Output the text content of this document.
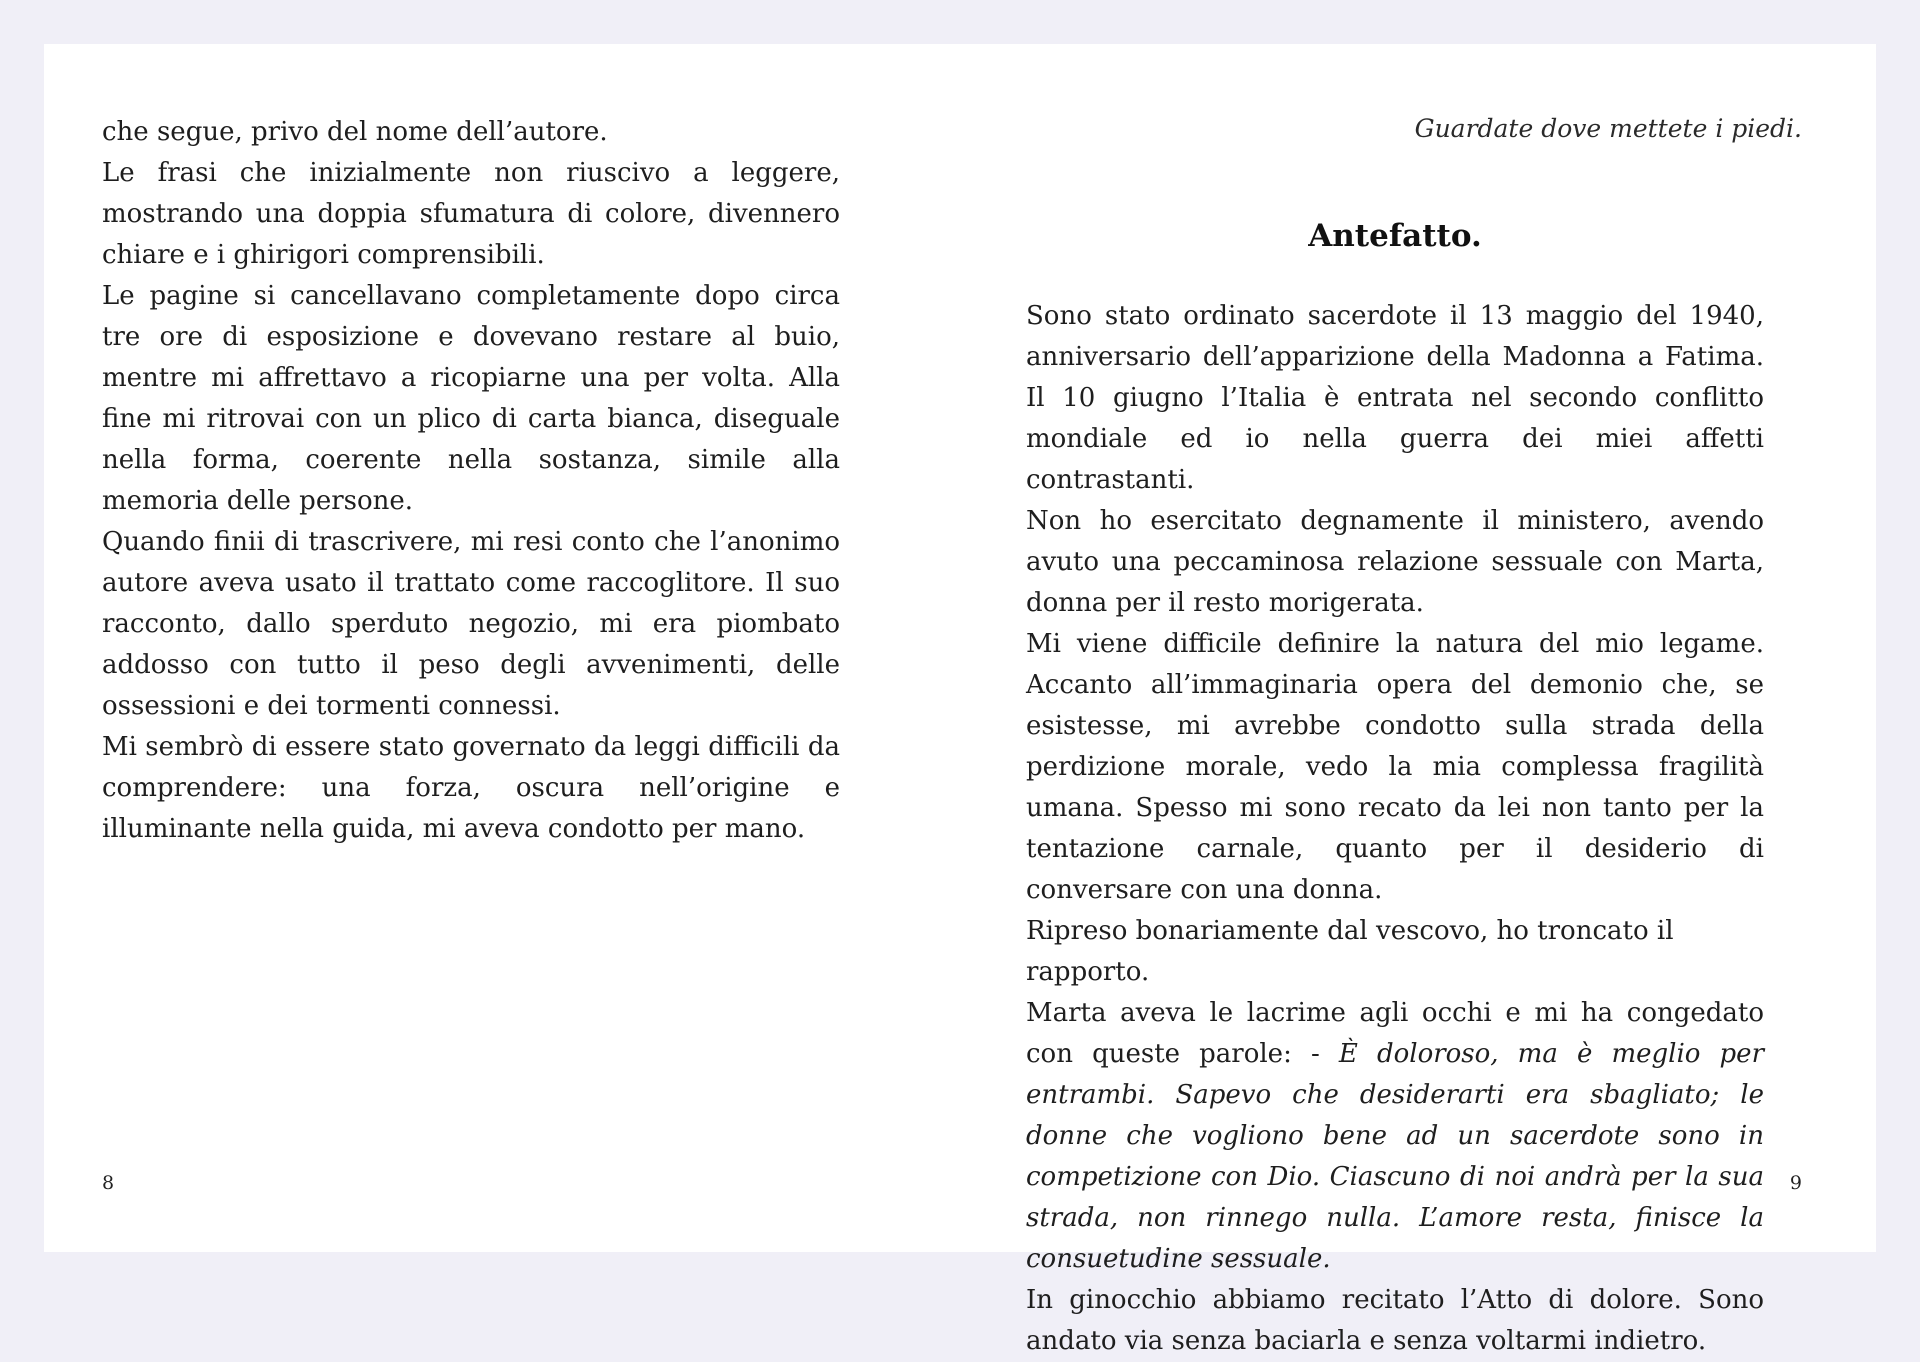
che segue, privo del nome dell’autore.

Le frasi che inizialmente non riuscivo a leggere, mostrando una doppia sfumatura di colore, divennero chiare e i ghirigori comprensibili.

Le pagine si cancellavano completamente dopo circa tre ore di esposizione e dovevano restare al buio, mentre mi affrettavo a ricopiarne una per volta. Alla fine mi ritrovai con un plico di carta bianca, diseguale nella forma, coerente nella sostanza, simile alla memoria delle persone.

Quando finii di trascrivere, mi resi conto che l’anonimo autore aveva usato il trattato come raccoglitore. Il suo racconto, dallo sperduto negozio, mi era piombato addosso con tutto il peso degli avvenimenti, delle ossessioni e dei tormenti connessi.

Mi sembrò di essere stato governato da leggi difficili da comprendere: una forza, oscura nell’origine e illuminante nella guida, mi aveva condotto per mano.

8
Guardate dove mettete i piedi.
Antefatto.

Sono stato ordinato sacerdote il 13 maggio del 1940, anniversario dell’apparizione della Madonna a Fatima. Il 10 giugno l’Italia è entrata nel secondo conflitto mondiale ed io nella guerra dei miei affetti contrastanti.

Non ho esercitato degnamente il ministero, avendo avuto una peccaminosa relazione sessuale con Marta, donna per il resto morigerata.

Mi viene difficile definire la natura del mio legame. Accanto all’immaginaria opera del demonio che, se esistesse, mi avrebbe condotto sulla strada della perdizione morale, vedo la mia complessa fragilità umana. Spesso mi sono recato da lei non tanto per la tentazione carnale, quanto per il desiderio di conversare con una donna.

Ripreso bonariamente dal vescovo, ho troncato il rapporto.

Marta aveva le lacrime agli occhi e mi ha congedato con queste parole: - È doloroso, ma è meglio per entrambi. Sapevo che desiderarti era sbagliato; le donne che vogliono bene ad un sacerdote sono in competizione con Dio. Ciascuno di noi andrà per la sua strada, non rinnego nulla. L’amore resta, finisce la consuetudine sessuale.

In ginocchio abbiamo recitato l’Atto di dolore. Sono andato via senza baciarla e senza voltarmi indietro.

9
